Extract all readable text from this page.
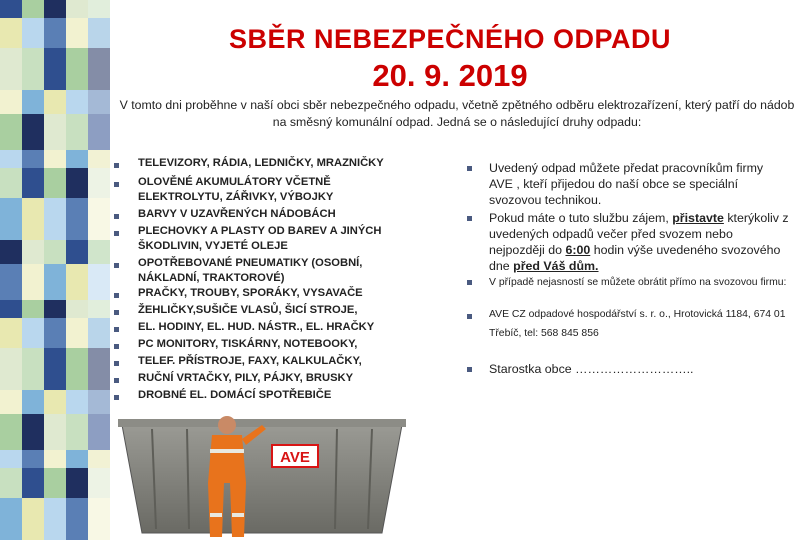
SBĚR NEBEZPEČNÉHO ODPADU
20. 9. 2019

V tomto dni proběhne v naší obci sběr nebezpečného odpadu, včetně zpětného odběru elektrozařízení, který patří do nádob na směsný komunální odpad. Jedná se o následující druhy odpadu:

TELEVIZORY, RÁDIA, LEDNIČKY, MRAZNIČKY
OLOVĚNÉ AKUMULÁTORY VČETNĚ ELEKTROLYTU, ZÁŘIVKY, VÝBOJKY
BARVY V UZAVŘENÝCH NÁDOBÁCH
PLECHOVKY A PLASTY OD BAREV A JINÝCH ŠKODLIVIN, VYJETÉ OLEJE
OPOTŘEBOVANÉ PNEUMATIKY (OSOBNÍ, NÁKLADNÍ, TRAKTOROVÉ)
PRAČKY, TROUBY, SPORÁKY, VYSAVAČE
ŽEHLIČKY,SUŠIČE VLASŮ, ŠICÍ STROJE,
EL. HODINY, EL. HUD. NÁSTR., EL. HRAČKY
PC MONITORY, TISKÁRNY, NOTEBOOKY,
TELEF. PŘÍSTROJE, FAXY, KALKULAČKY,
RUČNÍ VRTAČKY, PILY, PÁJKY, BRUSKY
DROBNÉ EL. DOMÁCÍ SPOTŘEBIČE
Uvedený odpad můžete předat pracovníkům firmy AVE , kteří přijedou do naší obce se speciální svozovou technikou.
Pokud máte o tuto službu zájem, přistavte kterýkoliv z uvedených odpadů večer před svozem nebo nejpozději do 6:00 hodin výše uvedeného svozového dne před Váš dům.
V případě nejasností se můžete obrátit přímo na svozovou firmu:
AVE CZ odpadové hospodářství s. r. o., Hrotovická 1184, 674 01 Třebíč, tel: 568 845 856
Starostka obce ………………………..
AVE
